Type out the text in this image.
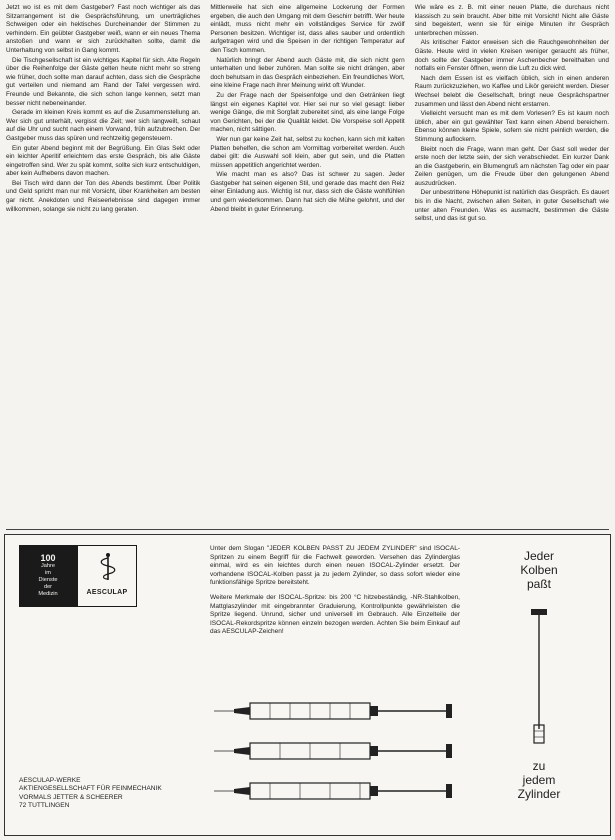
Jetzt wo ist es mit dem Gastgeber? Fast noch wichtiger als das Sitzarrangement ist die Gesprächsführung, um unerträgliches Schweigen oder ein hektisches Durcheinander der Stimmen zu verhindern. Ein geübter Gastgeber weiß, wann er ein neues Thema anstoßen und wann er sich zurückhalten sollte, damit die Unterhaltung von selbst in Gang kommt.

Die Tischgesellschaft ist ein wichtiges Kapitel für sich. Alte Regeln über die Reihenfolge der Gäste gelten heute nicht mehr so streng wie früher, doch sollte man darauf achten, dass sich die Gespräche gut verteilen und niemand am Rand der Tafel vergessen wird. Freunde und Bekannte, die sich schon lange kennen, setzt man besser nicht nebeneinander.

Gerade im kleinen Kreis kommt es auf die Zusammenstellung an. Wer sich gut unterhält, vergisst die Zeit; wer sich langweilt, schaut auf die Uhr und sucht nach einem Vorwand, früh aufzubrechen. Der Gastgeber muss das spüren und rechtzeitig gegensteuern.

Ein guter Abend beginnt mit der Begrüßung. Ein Glas Sekt oder ein leichter Aperitif erleichtern das erste Gespräch, bis alle Gäste eingetroffen sind. Wer zu spät kommt, sollte sich kurz entschuldigen, aber kein Aufhebens davon machen.

Bei Tisch wird dann der Ton des Abends bestimmt. Über Politik und Geld spricht man nur mit Vorsicht, über Krankheiten am besten gar nicht. Anekdoten und Reiseerlebnisse sind dagegen immer willkommen, solange sie nicht zu lang geraten.

Mittlerweile hat sich eine allgemeine Lockerung der Formen ergeben, die auch den Umgang mit dem Geschirr betrifft. Wer heute einlädt, muss nicht mehr ein vollständiges Service für zwölf Personen besitzen. Wichtiger ist, dass alles sauber und ordentlich aufgetragen wird und die Speisen in der richtigen Temperatur auf den Tisch kommen.

Natürlich bringt der Abend auch Gäste mit, die sich nicht gern unterhalten und lieber zuhören. Man sollte sie nicht drängen, aber doch behutsam in das Gespräch einbeziehen. Ein freundliches Wort, eine kleine Frage nach ihrer Meinung wirkt oft Wunder.

Zu der Frage nach der Speisenfolge und den Getränken liegt längst ein eigenes Kapitel vor. Hier sei nur so viel gesagt: lieber wenige Gänge, die mit Sorgfalt zubereitet sind, als eine lange Folge von Gerichten, bei der die Qualität leidet. Die Vorspeise soll Appetit machen, nicht sättigen.

Wer nun gar keine Zeit hat, selbst zu kochen, kann sich mit kalten Platten behelfen, die schon am Vormittag vorbereitet werden. Auch dabei gilt: die Auswahl soll klein, aber gut sein, und die Platten müssen appetitlich angerichtet werden.

Wie macht man es also? Das ist schwer zu sagen. Jeder Gastgeber hat seinen eigenen Stil, und gerade das macht den Reiz einer Einladung aus. Wichtig ist nur, dass sich die Gäste wohlfühlen und gern wiederkommen. Dann hat sich die Mühe gelohnt, und der Abend bleibt in guter Erinnerung.

Wie wäre es z. B. mit einer neuen Platte, die durchaus nicht klassisch zu sein braucht. Aber bitte mit Vorsicht! Nicht alle Gäste sind begeistert, wenn sie für einige Minuten ihr Gespräch unterbrechen müssen.

Als kritischer Faktor erweisen sich die Rauchgewohnheiten der Gäste. Heute wird in vielen Kreisen weniger geraucht als früher, doch sollte der Gastgeber immer Aschenbecher bereithalten und notfalls ein Fenster öffnen, wenn die Luft zu dick wird.

Nach dem Essen ist es vielfach üblich, sich in einen anderen Raum zurückzuziehen, wo Kaffee und Likör gereicht werden. Dieser Wechsel belebt die Gesellschaft, bringt neue Gesprächspartner zusammen und lässt den Abend nicht erstarren.

Vielleicht versucht man es mit dem Vorlesen? Es ist kaum noch üblich, aber ein gut gewählter Text kann einen Abend bereichern. Ebenso können kleine Spiele, sofern sie nicht peinlich werden, die Stimmung auflockern.

Bleibt noch die Frage, wann man geht. Der Gast soll weder der erste noch der letzte sein, der sich verabschiedet. Ein kurzer Dank an die Gastgeberin, ein Blumengruß am nächsten Tag oder ein paar Zeilen genügen, um die Freude über den gelungenen Abend auszudrücken.

Der unbestrittene Höhepunkt ist natürlich das Gespräch. Es dauert bis in die Nacht, zwischen allen Seiten, in guter Gesellschaft wie unter alten Freunden. Was es ausmacht, bestimmen die Gäste selbst, und das ist gut so.

100
Jahre
im
Dienste
der
Medizin	AESCULAP
AESCULAP-WERKE
AKTIENGESELLSCHAFT FÜR FEINMECHANIK
VORMALS JETTER & SCHEERER
72 TUTTLINGEN

Unter dem Slogan "JEDER KOLBEN PASST ZU JEDEM ZYLINDER" sind ISOCAL-Spritzen zu einem Begriff für die Fachwelt geworden. Versehen das Zylinderglas einmal, wird es ein leichtes durch einen neuen ISOCAL-Zylinder ersetzt. Der vorhandene ISOCAL-Kolben passt ja zu jedem Zylinder, so dass sofort wieder eine funktionsfähige Spritze bereitsteht.

Weitere Merkmale der ISOCAL-Spritze: bis 200 °C hitzebeständig, -NR-Stahlkolben, Mattglaszylinder mit eingebrannter Graduierung, Kontrollpunkte gewährleisten die Spritze liegend. Unrund, sicher und universell im Gebrauch. Alle Einzelteile der ISOCAL-Rekordspritze können einzeln bezogen werden. Achten Sie beim Einkauf auf das AESCULAP-Zeichen!

Jeder
Kolben
paßt
zu
jedem
Zylinder
